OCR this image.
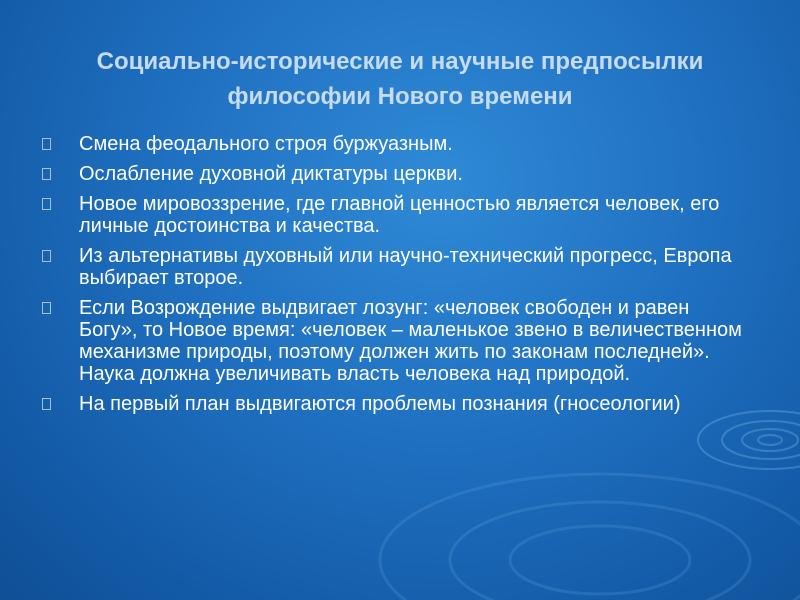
Социально-исторические и научные предпосылки философии Нового времени
Смена феодального строя буржуазным.
Ослабление духовной диктатуры церкви.
Новое мировоззрение, где главной ценностью является человек, его личные достоинства и качества.
Из альтернативы духовный или научно-технический прогресс, Европа выбирает второе.
Если Возрождение выдвигает лозунг: «человек свободен и равен Богу», то Новое время: «человек – маленькое звено в величественном механизме природы, поэтому должен жить по законам последней». Наука должна увеличивать власть человека над природой.
На первый план выдвигаются проблемы познания (гносеологии)
